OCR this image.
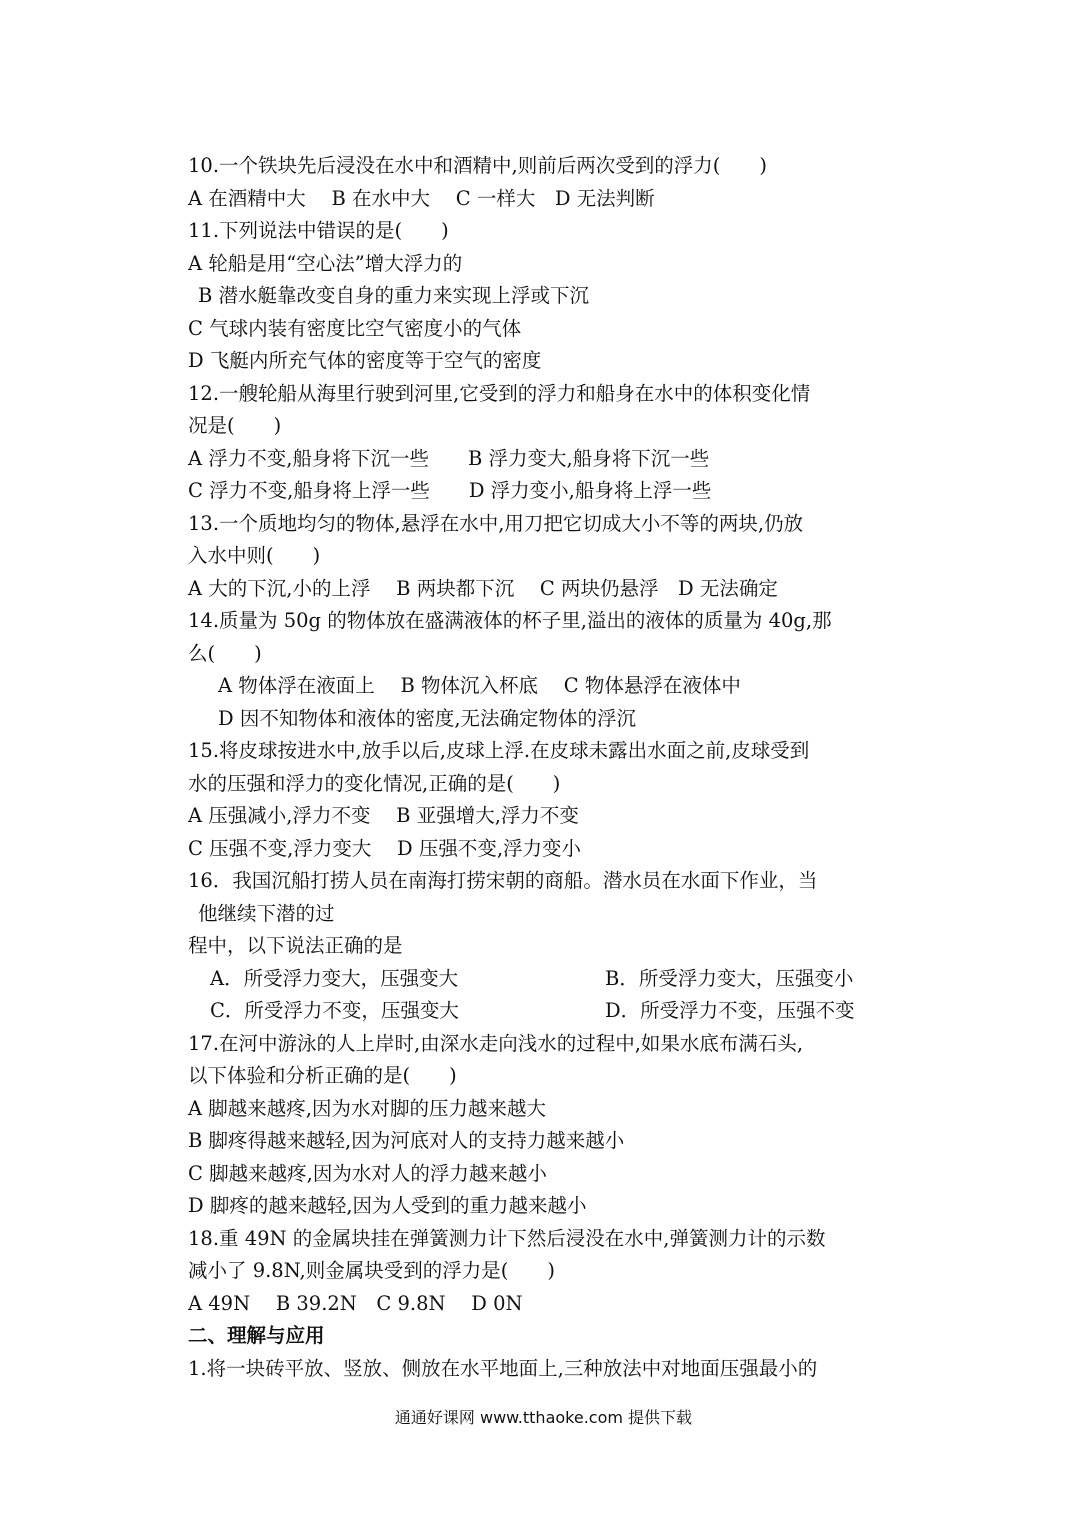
10.一个铁块先后浸没在水中和酒精中,则前后两次受到的浮力(　　)
A 在酒精中大　 B 在水中大　 C 一样大　D 无法判断
11.下列说法中错误的是(　　)
A 轮船是用“空心法”增大浮力的
B 潜水艇靠改变自身的重力来实现上浮或下沉
C 气球内装有密度比空气密度小的气体
D 飞艇内所充气体的密度等于空气的密度
12.一艘轮船从海里行驶到河里,它受到的浮力和船身在水中的体积变化情
况是(　　)
A 浮力不变,船身将下沉一些　　B 浮力变大,船身将下沉一些
C 浮力不变,船身将上浮一些　　D 浮力变小,船身将上浮一些
13.一个质地均匀的物体,悬浮在水中,用刀把它切成大小不等的两块,仍放
入水中则(　　)
A 大的下沉,小的上浮　 B 两块都下沉　 C 两块仍悬浮　D 无法确定
14.质量为 50g 的物体放在盛满液体的杯子里,溢出的液体的质量为 40g,那
么(　　)
A 物体浮在液面上　 B 物体沉入杯底　 C 物体悬浮在液体中
D 因不知物体和液体的密度,无法确定物体的浮沉
15.将皮球按进水中,放手以后,皮球上浮.在皮球未露出水面之前,皮球受到
水的压强和浮力的变化情况,正确的是(　　)
A 压强减小,浮力不变　 B 亚强增大,浮力不变
C 压强不变,浮力变大　 D 压强不变,浮力变小
16．我国沉船打捞人员在南海打捞宋朝的商船。潜水员在水面下作业，当
他继续下潜的过
程中，以下说法正确的是
A．所受浮力变大，压强变大	B．所受浮力变大，压强变小
C．所受浮力不变，压强变大	D．所受浮力不变，压强不变
17.在河中游泳的人上岸时,由深水走向浅水的过程中,如果水底布满石头,
以下体验和分析正确的是(　　)
A 脚越来越疼,因为水对脚的压力越来越大
B 脚疼得越来越轻,因为河底对人的支持力越来越小
C 脚越来越疼,因为水对人的浮力越来越小
D 脚疼的越来越轻,因为人受到的重力越来越小
18.重 49N 的金属块挂在弹簧测力计下然后浸没在水中,弹簧测力计的示数
减小了 9.8N,则金属块受到的浮力是(　　)
A 49N　 B 39.2N　C 9.8N　 D 0N
二、理解与应用
1.将一块砖平放、竖放、侧放在水平地面上,三种放法中对地面压强最小的
通通好课网 www.tthaoke.com 提供下载
